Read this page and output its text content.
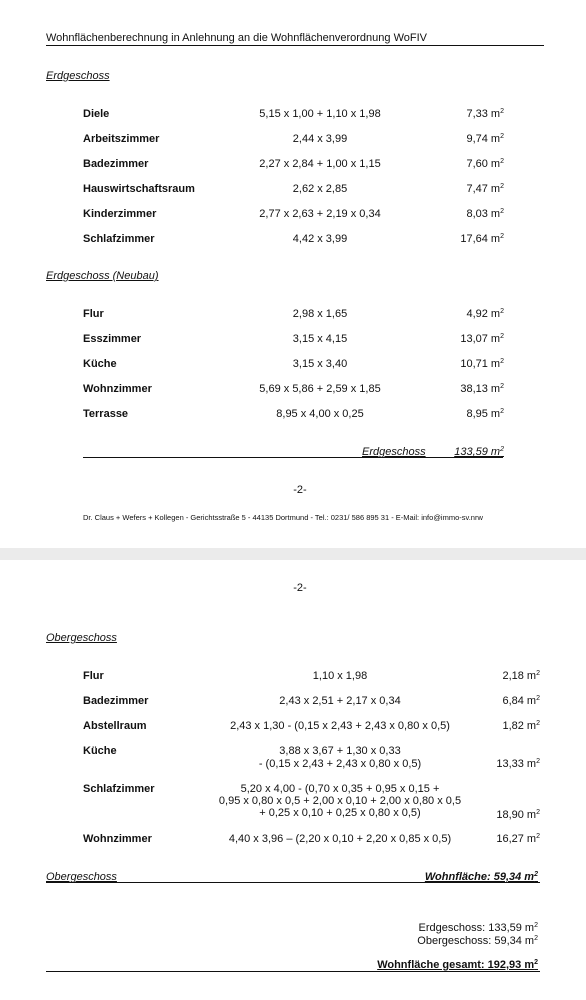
Wohnflächenberechnung in Anlehnung an die Wohnflächenverordnung WoFIV
Erdgeschoss
Diele	5,15 x 1,00 + 1,10 x 1,98	7,33 $m^2$
Arbeitszimmer	2,44 x 3,99	9,74 $m^2$
Badezimmer	2,27 x 2,84 + 1,00 x 1,15	7,60 $m^2$
Hauswirtschaftsraum	2,62 x 2,85	7,47 $m^2$
Kinderzimmer	2,77 x 2,63 + 2,19 x 0,34	8,03 $m^2$
Schlafzimmer	4,42 x 3,99	17,64 $m^2$
Erdgeschoss (Neubau)
Flur	2,98 x 1,65	4,92 $m^2$
Esszimmer	3,15 x 4,15	13,07 $m^2$
Küche	3,15 x 3,40	10,71 $m^2$
Wohnzimmer	5,69 x 5,86 + 2,59 x 1,85	38,13 $m^2$
Terrasse	8,95 x 4,00 x 0,25	8,95 $m^2$
Erdgeschoss	133,59 $m^2$
-2-
Dr. Claus + Wefers + Kollegen - Gerichtsstraße 5 - 44135 Dortmund - Tel.: 0231/ 586 895 31 - E-Mail: info@immo-sv.nrw
-2-
Obergeschoss
Flur	1,10 x 1,98	2,18 $m^2$
Badezimmer	2,43 x 2,51 + 2,17 x 0,34	6,84 $m^2$
Abstellraum	2,43 x 1,30 - (0,15 x 2,43 + 2,43 x 0,80 x 0,5)	1,82 $m^2$
Küche	3,88 x 3,67 + 1,30 x 0,33
- (0,15 x 2,43 + 2,43 x 0,80 x 0,5)	13,33 $m^2$
Schlafzimmer	5,20 x 4,00 - (0,70 x 0,35 + 0,95 x 0,15 +
0,95 x 0,80 x 0,5 + 2,00 x 0,10 + 2,00 x 0,80 x 0,5
+ 0,25 x 0,10 + 0,25 x 0,80 x 0,5)	18,90 $m^2$
Wohnzimmer	4,40 x 3,96 – (2,20 x 0,10 + 2,20 x 0,85 x 0,5)	16,27 $m^2$
Obergeschoss	Wohnfläche: 59,34 $m^2$
Erdgeschoss: 133,59 $m^2$
Obergeschoss: 59,34 $m^2$
Wohnfläche gesamt: 192,93 $m^2$
